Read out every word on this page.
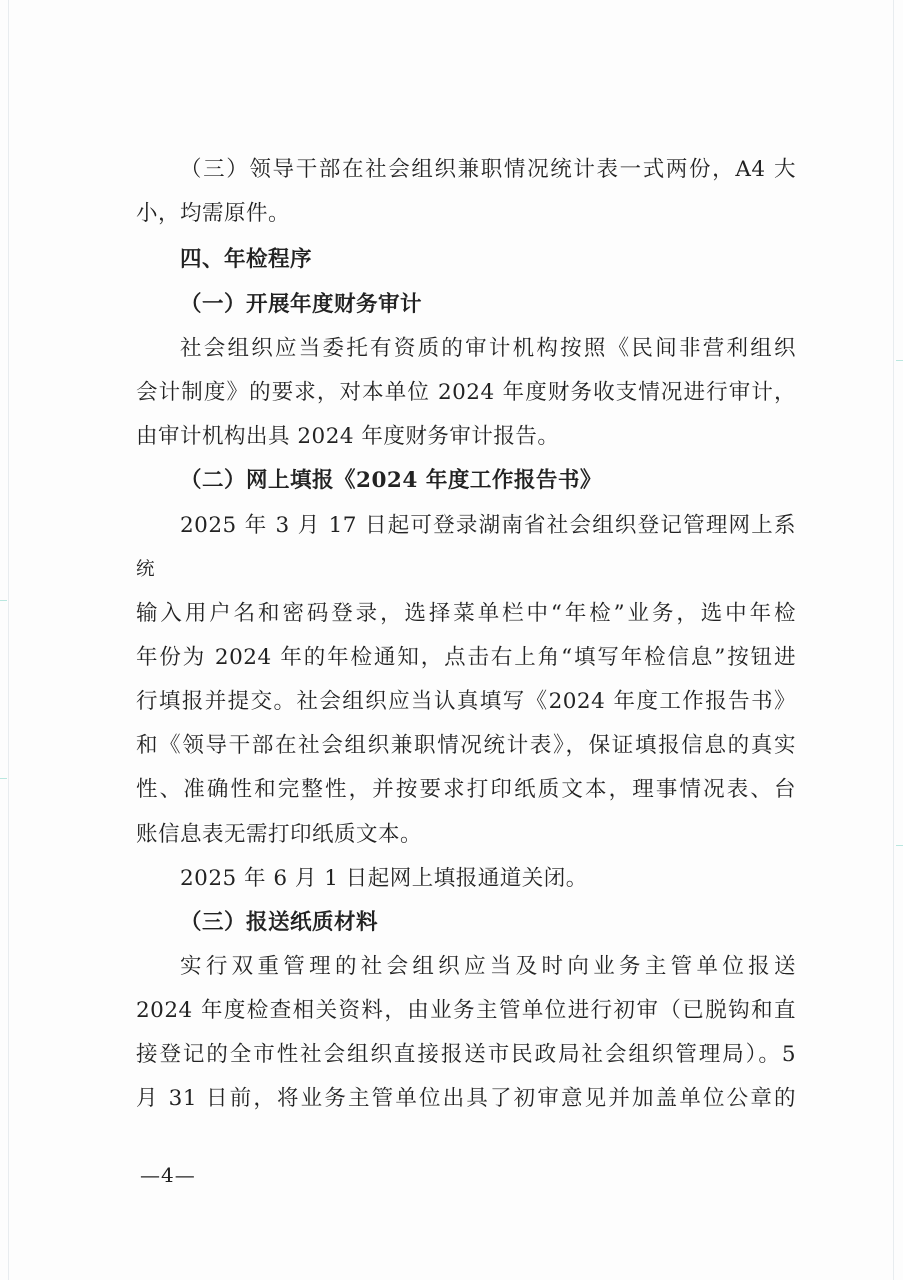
（三）领导干部在社会组织兼职情况统计表一式两份，A4 大

小，均需原件。

四、年检程序

（一）开展年度财务审计

社会组织应当委托有资质的审计机构按照《民间非营利组织

会计制度》的要求，对本单位 2024 年度财务收支情况进行审计，

由审计机构出具 2024 年度财务审计报告。

（二）网上填报《2024 年度工作报告书》

2025 年 3 月 17 日起可登录湖南省社会组织登记管理网上系

统

输入用户名和密码登录，选择菜单栏中“年检”业务，选中年检

年份为 2024 年的年检通知，点击右上角“填写年检信息”按钮进

行填报并提交。社会组织应当认真填写《2024 年度工作报告书》

和《领导干部在社会组织兼职情况统计表》，保证填报信息的真实

性、准确性和完整性，并按要求打印纸质文本，理事情况表、台

账信息表无需打印纸质文本。

2025 年 6 月 1 日起网上填报通道关闭。

（三）报送纸质材料

实行双重管理的社会组织应当及时向业务主管单位报送

2024 年度检查相关资料，由业务主管单位进行初审（已脱钩和直

接登记的全市性社会组织直接报送市民政局社会组织管理局）。5

月 31 日前，将业务主管单位出具了初审意见并加盖单位公章的

—4—
